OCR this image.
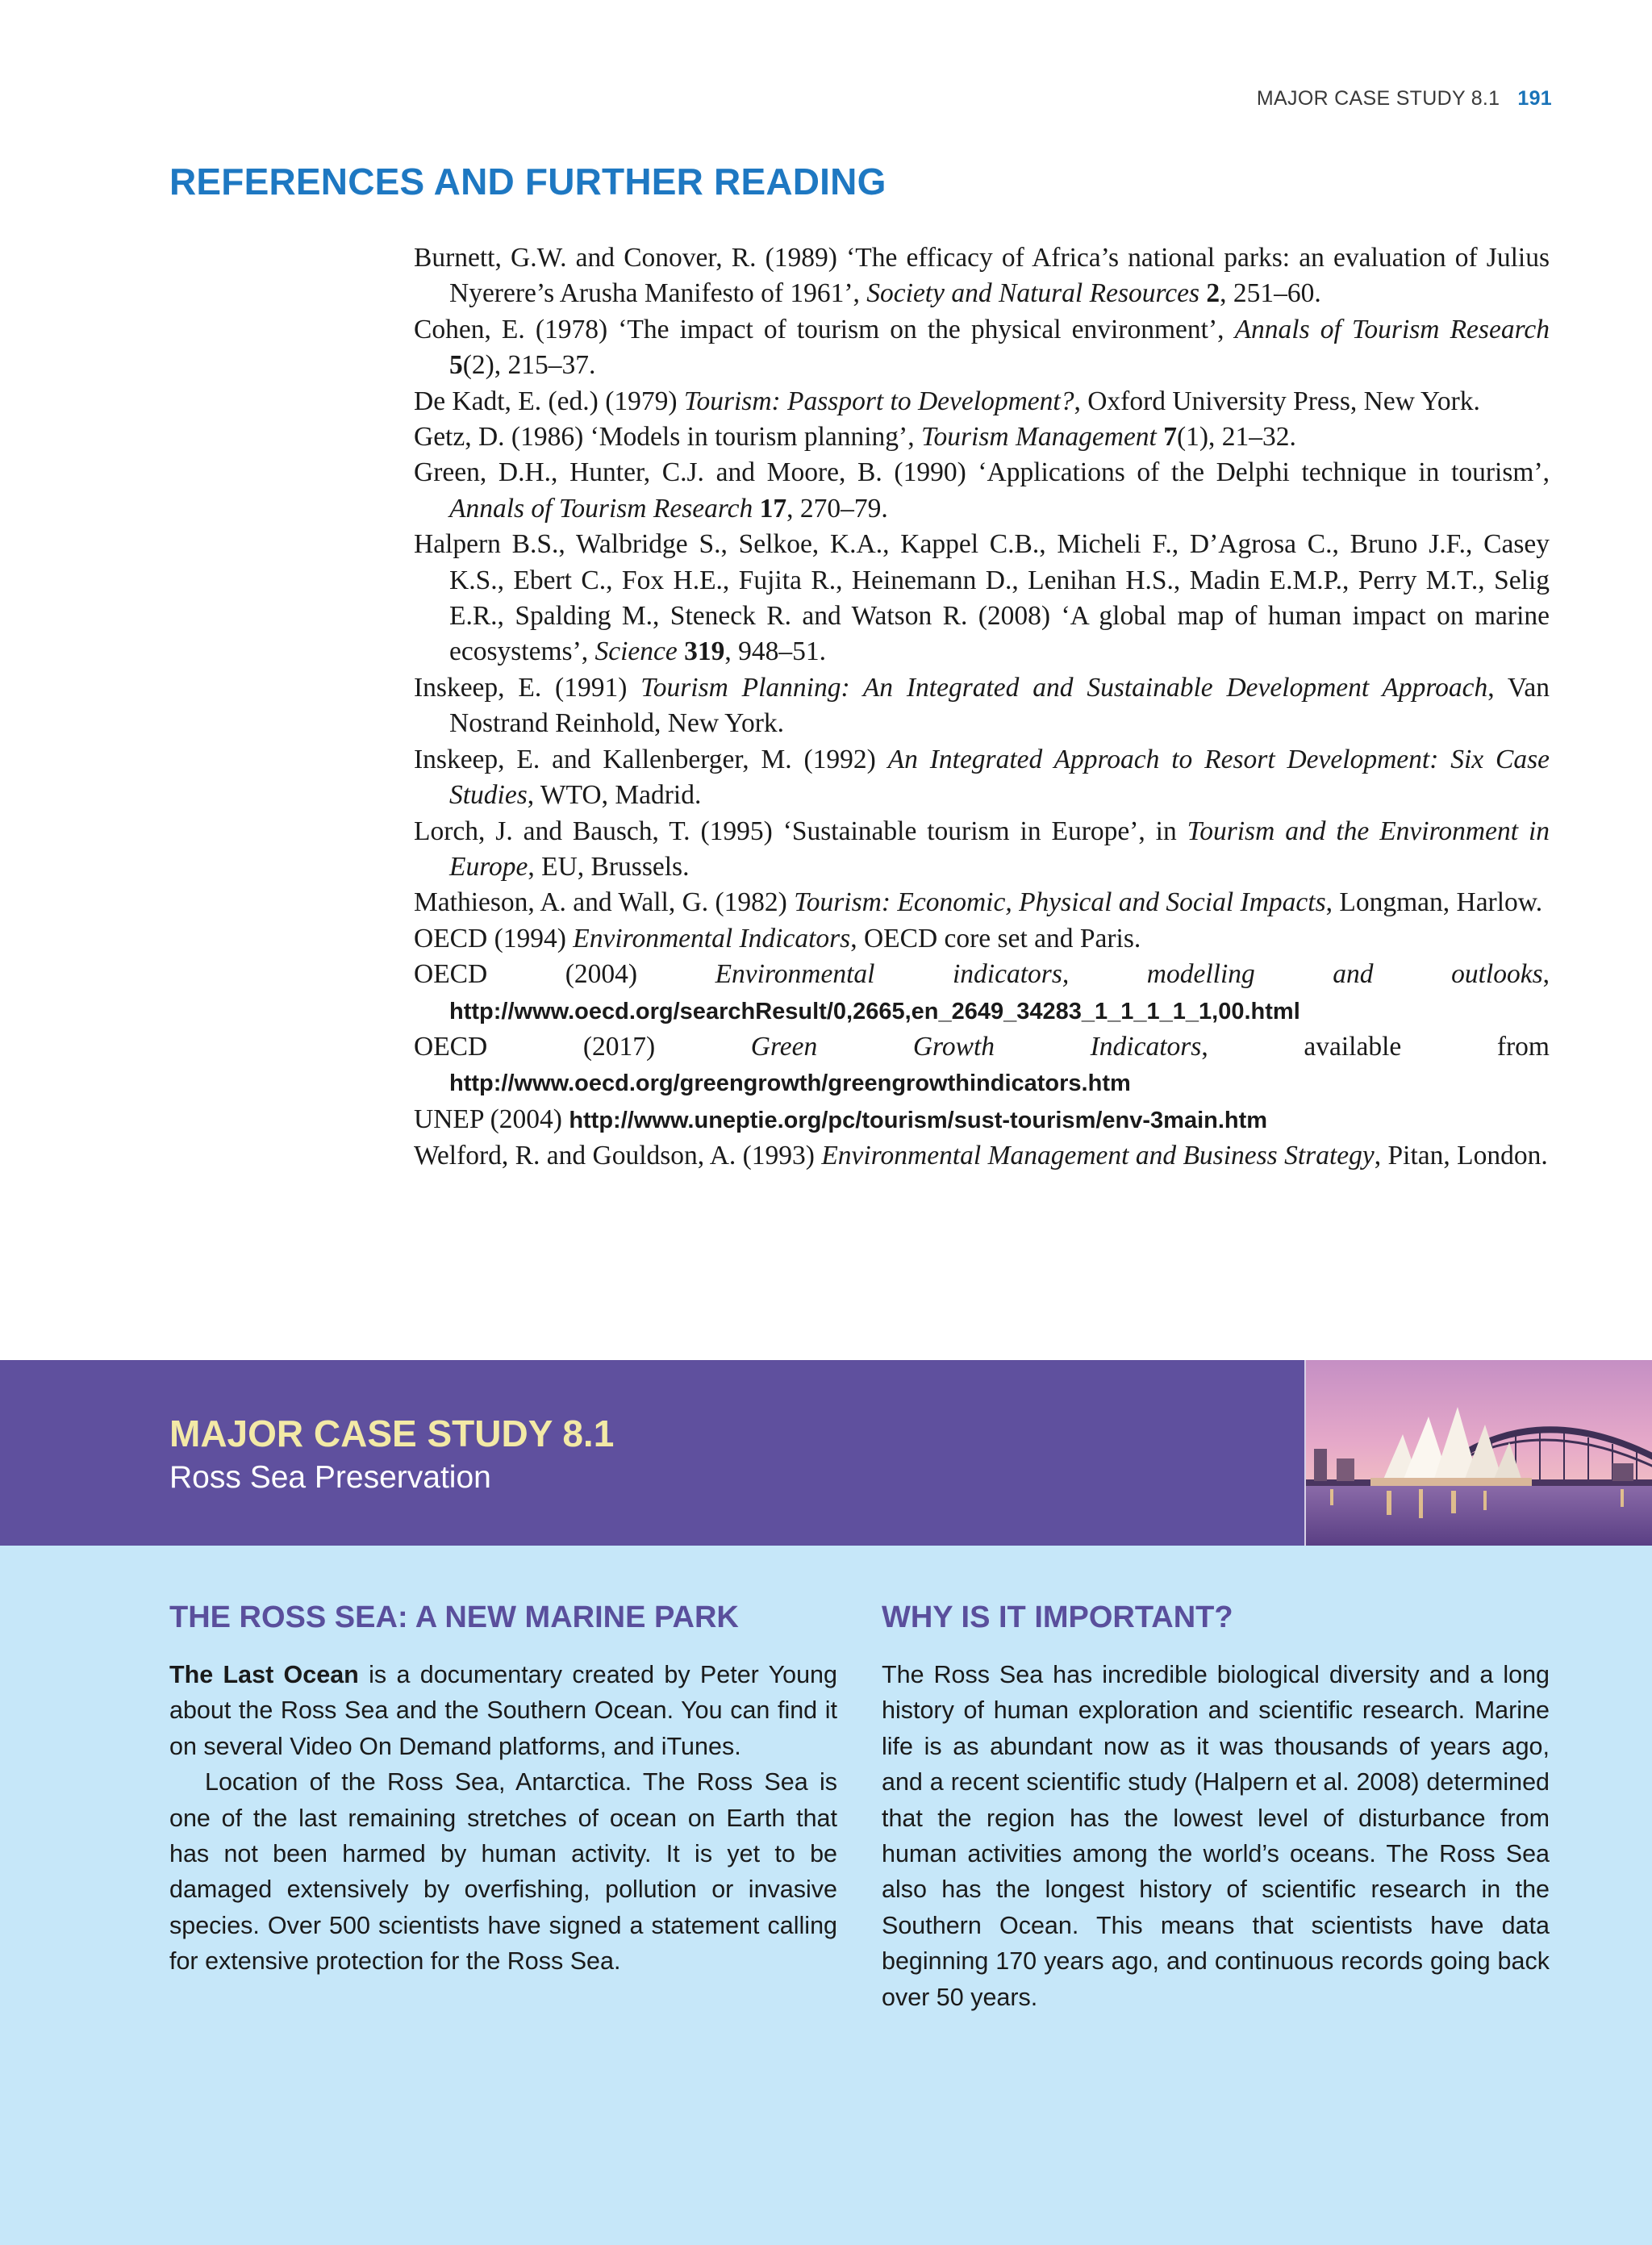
MAJOR CASE STUDY 8.1 191
REFERENCES AND FURTHER READING
Burnett, G.W. and Conover, R. (1989) ‘The efficacy of Africa’s national parks: an evaluation of Julius Nyerere’s Arusha Manifesto of 1961’, Society and Natural Resources 2, 251–60.
Cohen, E. (1978) ‘The impact of tourism on the physical environment’, Annals of Tourism Research 5(2), 215–37.
De Kadt, E. (ed.) (1979) Tourism: Passport to Development?, Oxford University Press, New York.
Getz, D. (1986) ‘Models in tourism planning’, Tourism Management 7(1), 21–32.
Green, D.H., Hunter, C.J. and Moore, B. (1990) ‘Applications of the Delphi technique in tourism’, Annals of Tourism Research 17, 270–79.
Halpern B.S., Walbridge S., Selkoe, K.A., Kappel C.B., Micheli F., D’Agrosa C., Bruno J.F., Casey K.S., Ebert C., Fox H.E., Fujita R., Heinemann D., Lenihan H.S., Madin E.M.P., Perry M.T., Selig E.R., Spalding M., Steneck R. and Watson R. (2008) ‘A global map of human impact on marine ecosystems’, Science 319, 948–51.
Inskeep, E. (1991) Tourism Planning: An Integrated and Sustainable Development Approach, Van Nostrand Reinhold, New York.
Inskeep, E. and Kallenberger, M. (1992) An Integrated Approach to Resort Development: Six Case Studies, WTO, Madrid.
Lorch, J. and Bausch, T. (1995) ‘Sustainable tourism in Europe’, in Tourism and the Environment in Europe, EU, Brussels.
Mathieson, A. and Wall, G. (1982) Tourism: Economic, Physical and Social Impacts, Longman, Harlow.
OECD (1994) Environmental Indicators, OECD core set and Paris.
OECD (2004) Environmental indicators, modelling and outlooks, http://www.oecd.org/searchResult/0,2665,en_2649_34283_1_1_1_1_1,00.html
OECD (2017) Green Growth Indicators, available from http://www.oecd.org/greengrowth/greengrowthindicators.htm
UNEP (2004) http://www.uneptie.org/pc/tourism/sust-tourism/env-3main.htm
Welford, R. and Gouldson, A. (1993) Environmental Management and Business Strategy, Pitan, London.
MAJOR CASE STUDY 8.1
Ross Sea Preservation
THE ROSS SEA: A NEW MARINE PARK

The Last Ocean is a documentary created by Peter Young about the Ross Sea and the Southern Ocean. You can find it on several Video On Demand platforms, and iTunes.

Location of the Ross Sea, Antarctica. The Ross Sea is one of the last remaining stretches of ocean on Earth that has not been harmed by human activity. It is yet to be damaged extensively by overfishing, pollution or invasive species. Over 500 scientists have signed a statement calling for extensive protection for the Ross Sea.

WHY IS IT IMPORTANT?

The Ross Sea has incredible biological diversity and a long history of human exploration and scientific research. Marine life is as abundant now as it was thousands of years ago, and a recent scientific study (Halpern et al. 2008) determined that the region has the lowest level of disturbance from human activities among the world’s oceans. The Ross Sea also has the longest history of scientific research in the Southern Ocean. This means that scientists have data beginning 170 years ago, and continuous records going back over 50 years.
